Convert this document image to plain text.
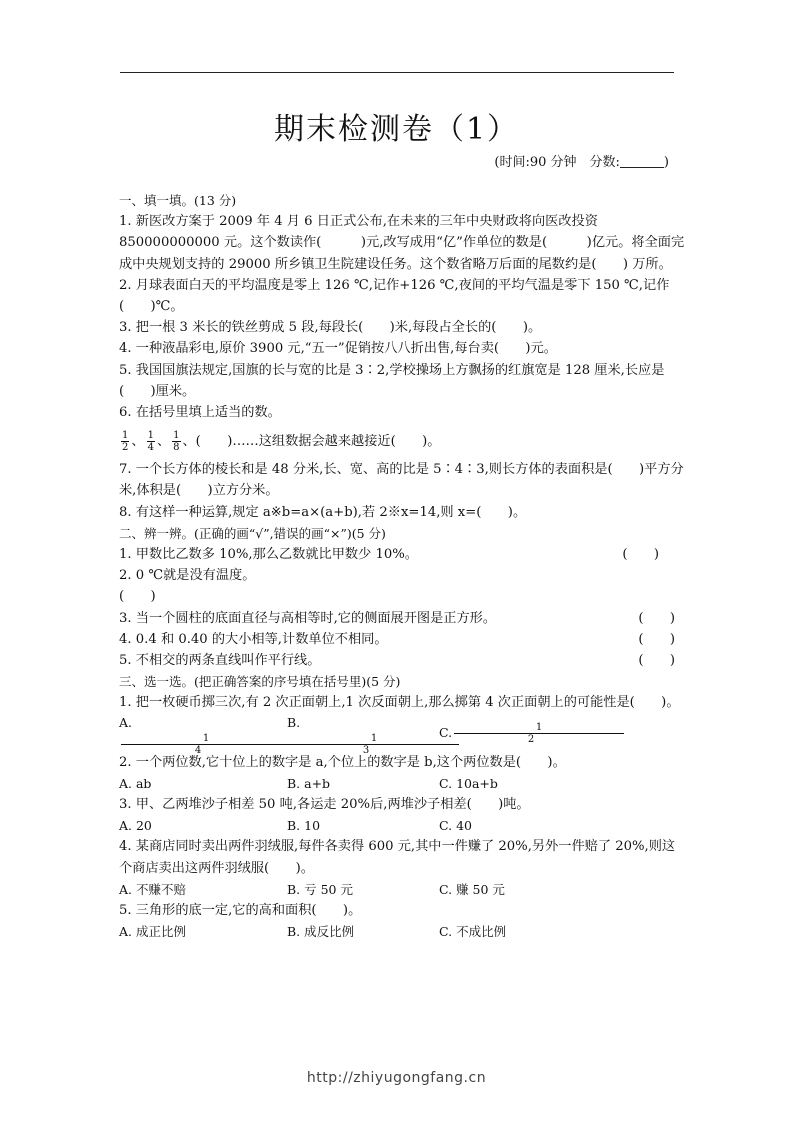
期末检测卷（1）
(时间:90 分钟　分数:	)

一、填一填。(13 分)

1. 新医改方案于 2009 年 4 月 6 日正式公布,在未来的三年中央财政将向医改投资 850000000000 元。这个数读作(　　　)元,改写成用“亿”作单位的数是(　　　)亿元。将全面完成中央规划支持的 29000 所乡镇卫生院建设任务。这个数省略万后面的尾数约是(　　) 万所。

2. 月球表面白天的平均温度是零上 126 ℃,记作+126 ℃,夜间的平均气温是零下 150 ℃,记作(　　)℃。

3. 把一根 3 米长的铁丝剪成 5 段,每段长(　　)米,每段占全长的(　　)。

4. 一种液晶彩电,原价 3900 元,“五一”促销按八八折出售,每台卖(　　)元。

5. 我国国旗法规定,国旗的长与宽的比是 3∶2,学校操场上方飘扬的红旗宽是 128 厘米,长应是(　　)厘米。

6. 在括号里填上适当的数。

1
2 、 1
4 、 1
8 、(　　)……这组数据会越来越接近(　　)。

7. 一个长方体的棱长和是 48 分米,长、宽、高的比是 5∶4∶3,则长方体的表面积是(　　)平方分米,体积是(　　)立方分米。

8. 有这样一种运算,规定 a※b=a×(a+b),若 2※x=14,则 x=(　　)。

二、辨一辨。(正确的画“√”,错误的画“×”)(5 分)

1. 甲数比乙数多 10%,那么乙数就比甲数少 10%。	(　　)

2. 0 ℃就是没有温度。

(　　)

3. 当一个圆柱的底面直径与高相等时,它的侧面展开图是正方形。	(　　)
4. 0.4 和 0.40 的大小相等,计数单位不相同。	(　　)
5. 不相交的两条直线叫作平行线。	(　　)

三、选一选。(把正确答案的序号填在括号里)(5 分)

1. 把一枚硬币掷三次,有 2 次正面朝上,1 次反面朝上,那么掷第 4 次正面朝上的可能性是(　　)。

A.
$\frac{1}{4}$
B.
$\frac{1}{3}$
C. $\frac{1}{2}$

2. 一个两位数,它十位上的数字是 a,个位上的数字是 b,这个两位数是(　　)。

A. ab	B. a+b	C. 10a+b

3. 甲、乙两堆沙子相差 50 吨,各运走 20%后,两堆沙子相差(　　)吨。

A. 20	B. 10	C. 40

4. 某商店同时卖出两件羽绒服,每件各卖得 600 元,其中一件赚了 20%,另外一件赔了 20%,则这个商店卖出这两件羽绒服(　　)。

A. 不赚不赔	B. 亏 50 元	C. 赚 50 元

5. 三角形的底一定,它的高和面积(　　)。

A. 成正比例	B. 成反比例	C. 不成比例
http://zhiyugongfang.cn
